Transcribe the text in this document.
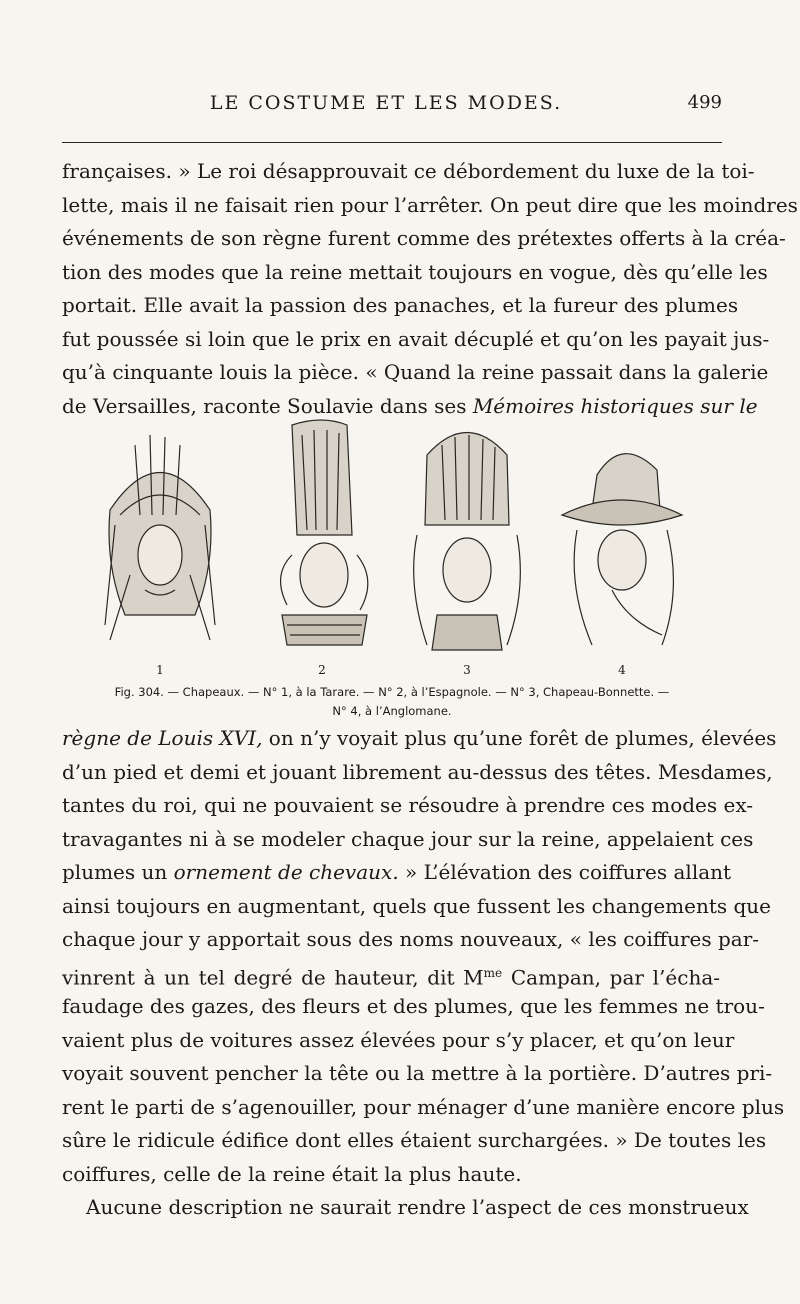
LE COSTUME ET LES MODES.	499
françaises. » Le roi désapprouvait ce débordement du luxe de la toi-
lette, mais il ne faisait rien pour l’arrêter. On peut dire que les moindres
événements de son règne furent comme des prétextes offerts à la créa-
tion des modes que la reine mettait toujours en vogue, dès qu’elle les
portait. Elle avait la passion des panaches, et la fureur des plumes
fut poussée si loin que le prix en avait décuplé et qu’on les payait jus-
qu’à cinquante louis la pièce. « Quand la reine passait dans la galerie
de Versailles, raconte Soulavie dans ses Mémoires historiques sur le
1	2	3	4
Fig. 304. — Chapeaux. — N° 1, à la Tarare. — N° 2, à l’Espagnole. — N° 3, Chapeau-Bonnette. —
N° 4, à l’Anglomane.
règne de Louis XVI, on n’y voyait plus qu’une forêt de plumes, élevées
d’un pied et demi et jouant librement au-dessus des têtes. Mesdames,
tantes du roi, qui ne pouvaient se résoudre à prendre ces modes ex-
travagantes ni à se modeler chaque jour sur la reine, appelaient ces
plumes un ornement de chevaux. » L’élévation des coiffures allant
ainsi toujours en augmentant, quels que fussent les changements que
chaque jour y apportait sous des noms nouveaux, « les coiffures par-
vinrent à un tel degré de hauteur, dit $M^{me}$ Campan, par l’écha-
faudage des gazes, des fleurs et des plumes, que les femmes ne trou-
vaient plus de voitures assez élevées pour s’y placer, et qu’on leur
voyait souvent pencher la tête ou la mettre à la portière. D’autres pri-
rent le parti de s’agenouiller, pour ménager d’une manière encore plus
sûre le ridicule édifice dont elles étaient surchargées. » De toutes les
coiffures, celle de la reine était la plus haute.
Aucune description ne saurait rendre l’aspect de ces monstrueux
